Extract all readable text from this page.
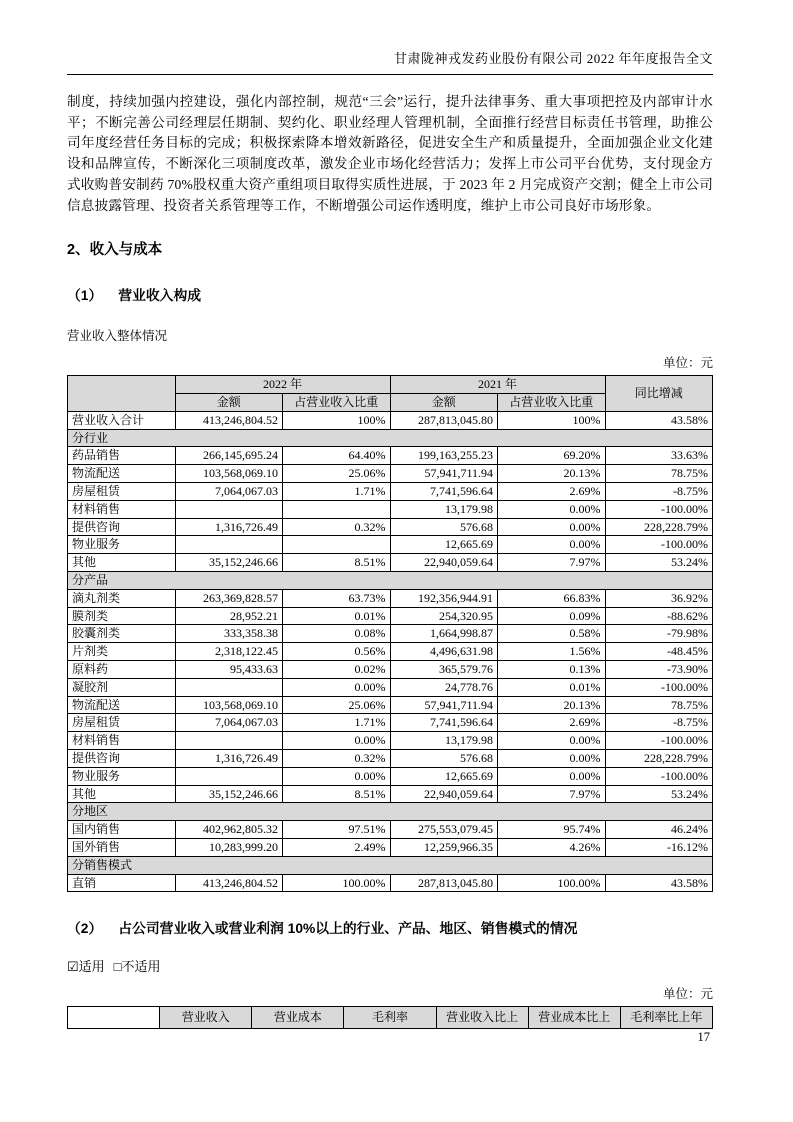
甘肃陇神戎发药业股份有限公司 2022 年年度报告全文

制度，持续加强内控建设，强化内部控制，规范“三会”运行，提升法律事务、重大事项把控及内部审计水平；不断完善公司经理层任期制、契约化、职业经理人管理机制，全面推行经营目标责任书管理，助推公司年度经营任务目标的完成；积极探索降本增效新路径，促进安全生产和质量提升，全面加强企业文化建设和品牌宣传，不断深化三项制度改革，激发企业市场化经营活力；发挥上市公司平台优势，支付现金方式收购普安制药 70%股权重大资产重组项目取得实质性进展，于 2023 年 2 月完成资产交割；健全上市公司信息披露管理、投资者关系管理等工作，不断增强公司运作透明度，维护上市公司良好市场形象。

2、收入与成本
（1） 营业收入构成
营业收入整体情况
单位：元
	2022 年		2021 年		同比增减
	金额	占营业收入比重	金额	占营业收入比重	
营业收入合计	413,246,804.52	100%	287,813,045.80	100%	43.58%
分行业					
药品销售	266,145,695.24	64.40%	199,163,255.23	69.20%	33.63%
物流配送	103,568,069.10	25.06%	57,941,711.94	20.13%	78.75%
房屋租赁	7,064,067.03	1.71%	7,741,596.64	2.69%	-8.75%
材料销售			13,179.98	0.00%	-100.00%
提供咨询	1,316,726.49	0.32%	576.68	0.00%	228,228.79%
物业服务			12,665.69	0.00%	-100.00%
其他	35,152,246.66	8.51%	22,940,059.64	7.97%	53.24%
分产品					
滴丸剂类	263,369,828.57	63.73%	192,356,944.91	66.83%	36.92%
膜剂类	28,952.21	0.01%	254,320.95	0.09%	-88.62%
胶囊剂类	333,358.38	0.08%	1,664,998.87	0.58%	-79.98%
片剂类	2,318,122.45	0.56%	4,496,631.98	1.56%	-48.45%
原料药	95,433.63	0.02%	365,579.76	0.13%	-73.90%
凝胶剂		0.00%	24,778.76	0.01%	-100.00%
物流配送	103,568,069.10	25.06%	57,941,711.94	20.13%	78.75%
房屋租赁	7,064,067.03	1.71%	7,741,596.64	2.69%	-8.75%
材料销售		0.00%	13,179.98	0.00%	-100.00%
提供咨询	1,316,726.49	0.32%	576.68	0.00%	228,228.79%
物业服务		0.00%	12,665.69	0.00%	-100.00%
其他	35,152,246.66	8.51%	22,940,059.64	7.97%	53.24%
分地区					
国内销售	402,962,805.32	97.51%	275,553,079.45	95.74%	46.24%
国外销售	10,283,999.20	2.49%	12,259,966.35	4.26%	-16.12%
分销售模式					
直销	413,246,804.52	100.00%	287,813,045.80	100.00%	43.58%
（2） 占公司营业收入或营业利润 10%以上的行业、产品、地区、销售模式的情况
☑适用 □不适用
单位：元
	营业收入	营业成本	毛利率	营业收入比上	营业成本比上	毛利率比上年
17
